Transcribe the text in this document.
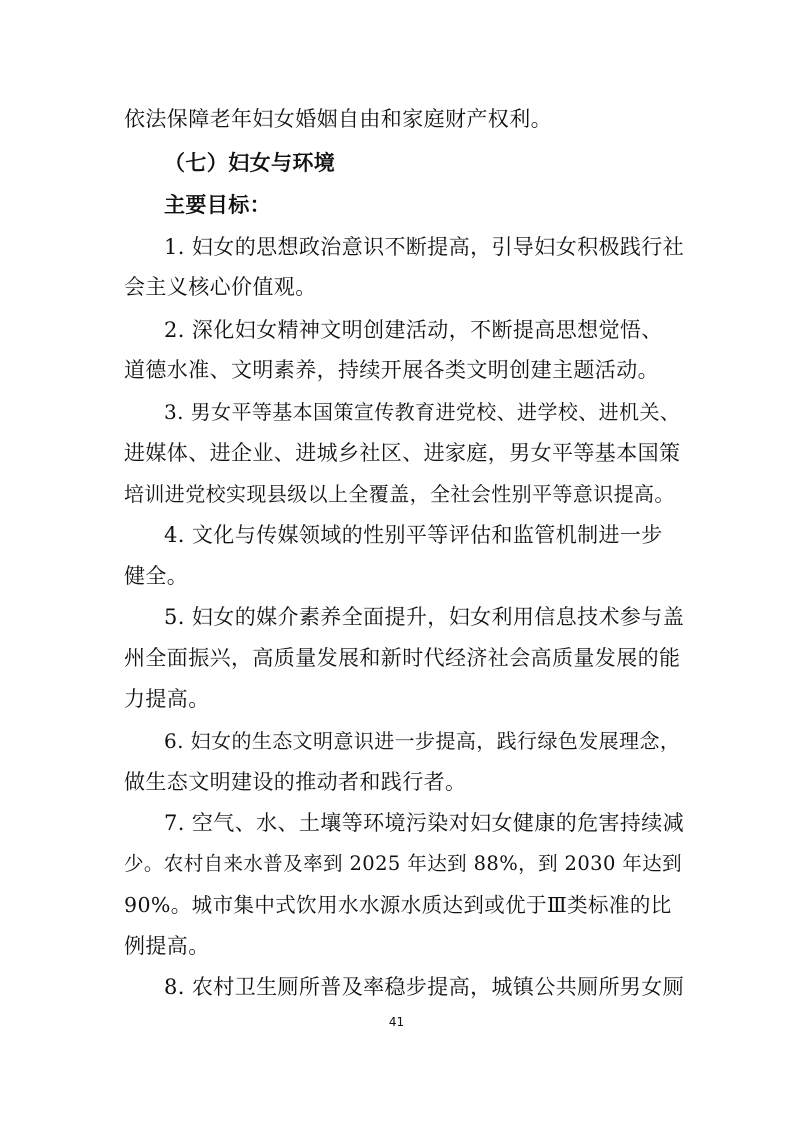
依法保障老年妇女婚姻自由和家庭财产权利。
（七）妇女与环境
主要目标：
1. 妇女的思想政治意识不断提高，引导妇女积极践行社
会主义核心价值观。
2. 深化妇女精神文明创建活动，不断提高思想觉悟、
道德水准、文明素养，持续开展各类文明创建主题活动。
3. 男女平等基本国策宣传教育进党校、进学校、进机关、
进媒体、进企业、进城乡社区、进家庭，男女平等基本国策
培训进党校实现县级以上全覆盖，全社会性别平等意识提高。
4. 文化与传媒领域的性别平等评估和监管机制进一步
健全。
5. 妇女的媒介素养全面提升，妇女利用信息技术参与盖
州全面振兴，高质量发展和新时代经济社会高质量发展的能
力提高。
6. 妇女的生态文明意识进一步提高，践行绿色发展理念，
做生态文明建设的推动者和践行者。
7. 空气、水、土壤等环境污染对妇女健康的危害持续减
少。农村自来水普及率到 2025 年达到 88%，到 2030 年达到
90%。城市集中式饮用水水源水质达到或优于Ⅲ类标准的比
例提高。
8. 农村卫生厕所普及率稳步提高，城镇公共厕所男女厕
41
